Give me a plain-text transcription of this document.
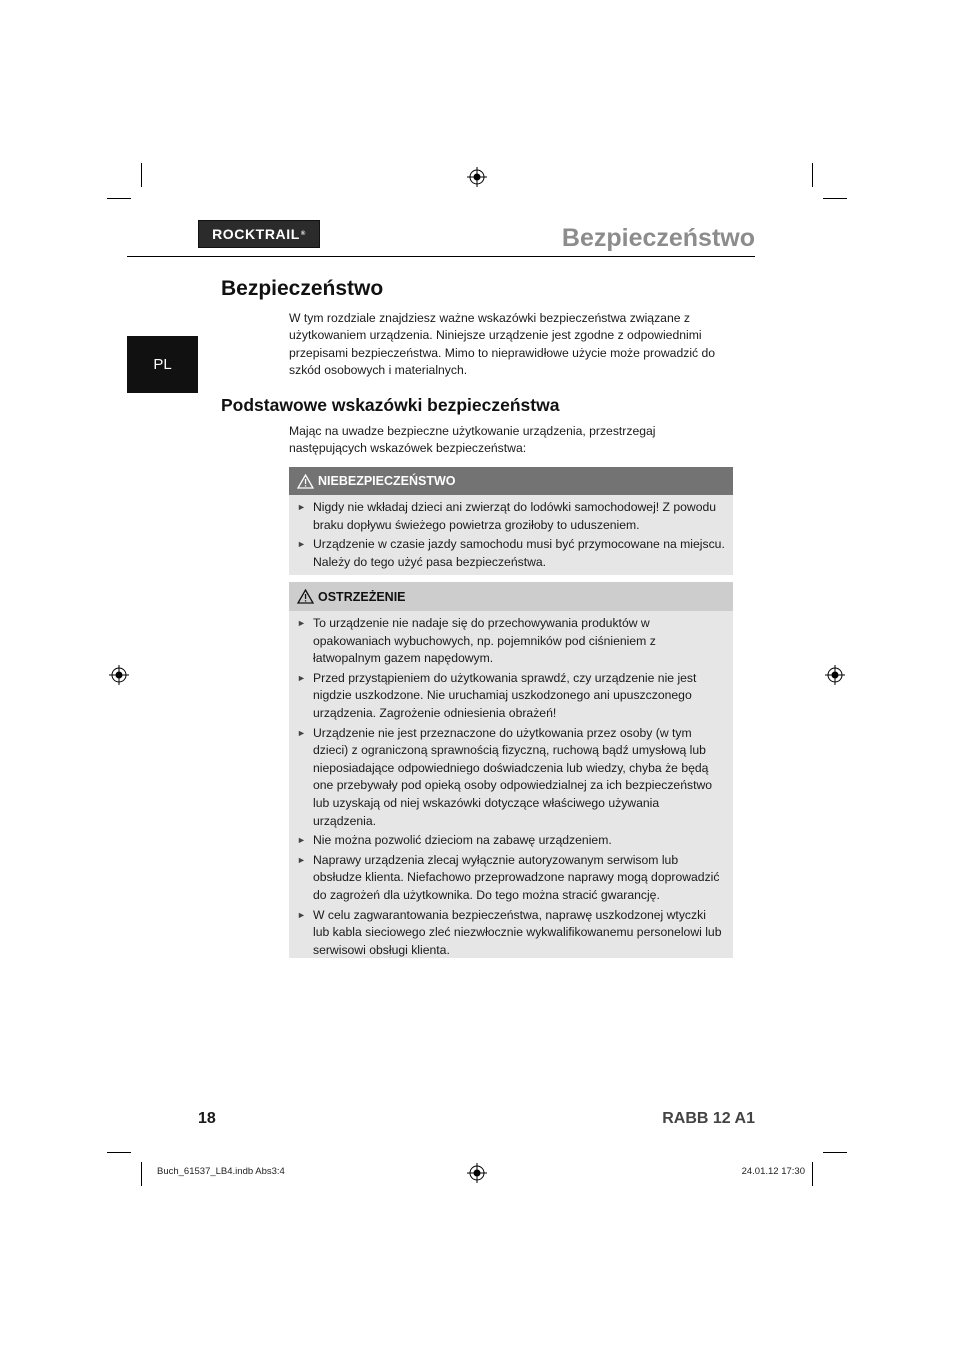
ROCKTRAIL ®	Bezpieczeństwo
PL
Bezpieczeństwo
W tym rozdziale znajdziesz ważne wskazówki bezpieczeństwa związane z użytkowaniem urządzenia. Niniejsze urządzenie jest zgodne z odpowiednimi przepisami bezpieczeństwa. Mimo to nieprawidłowe użycie może prowadzić do szkód osobowych i materialnych.
Podstawowe wskazówki bezpieczeństwa
Mając na uwadze bezpieczne użytkowanie urządzenia, przestrzegaj następujących wskazówek bezpieczeństwa:
NIEBEZPIECZEŃSTWO
► Nigdy nie wkładaj dzieci ani zwierząt do lodówki samochodowej! Z powodu braku dopływu świeżego powietrza groziłoby to uduszeniem.
► Urządzenie w czasie jazdy samochodu musi być przymocowane na miejscu. Należy do tego użyć pasa bezpieczeństwa.
OSTRZEŻENIE
► To urządzenie nie nadaje się do przechowywania produktów w opakowaniach wybuchowych, np. pojemników pod ciśnieniem z łatwopalnym gazem napędowym.
► Przed przystąpieniem do użytkowania sprawdź, czy urządzenie nie jest nigdzie uszkodzone. Nie uruchamiaj uszkodzonego ani upuszczonego urządzenia. Zagrożenie odniesienia obrażeń!
► Urządzenie nie jest przeznaczone do użytkowania przez osoby (w tym dzieci) z ograniczoną sprawnością fizyczną, ruchową bądź umysłową lub nieposiadające odpowiedniego doświadczenia lub wiedzy, chyba że będą one przebywały pod opieką osoby odpowiedzialnej za ich bezpieczeństwo lub uzyskają od niej wskazówki dotyczące właściwego używania urządzenia.
► Nie można pozwolić dzieciom na zabawę urządzeniem.
► Naprawy urządzenia zlecaj wyłącznie autoryzowanym serwisom lub obsłudze klienta. Niefachowo przeprowadzone naprawy mogą doprowadzić do zagrożeń dla użytkownika. Do tego można stracić gwarancję.
► W celu zagwarantowania bezpieczeństwa, naprawę uszkodzonej wtyczki lub kabla sieciowego zleć niezwłocznie wykwalifikowanemu personelowi lub serwisowi obsługi klienta.
18	RABB 12 A1
Buch_61537_LB4.indb Abs3:4	24.01.12 17:30
